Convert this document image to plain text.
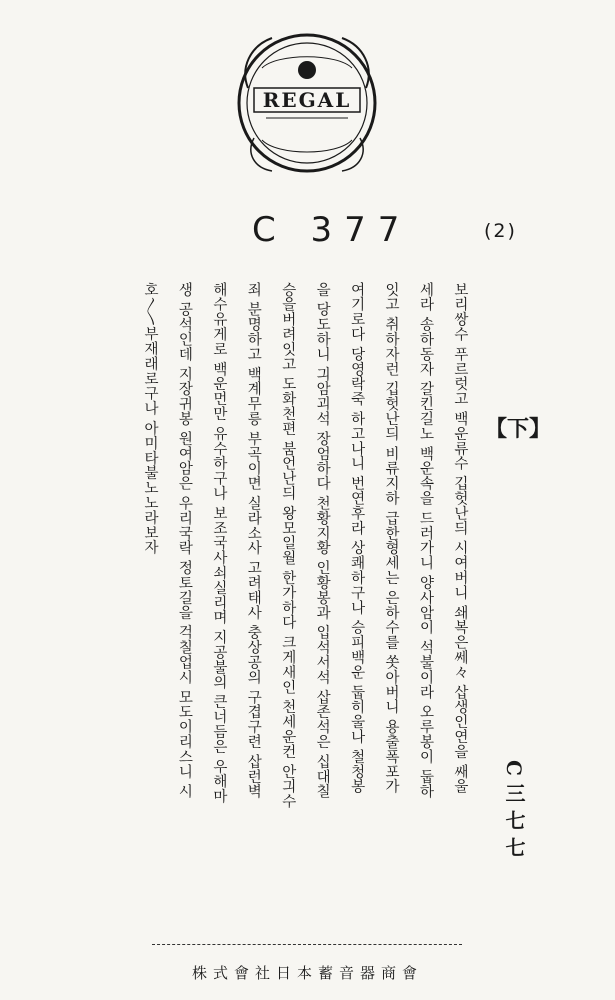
REGAL
C 377	(2)
【下】
C三七七
보리쌍수 푸르럿고 백운류수 깁헛난듸 시여버니 쇄복은쎄々 삽생인연을 쌔울
세라 송하동자 갈킨길노 백운속을 드러가니 양사암이 석불이라 오루봉이 둡하
잇고 취하자런 깁헛난듸 비류지하 급한형세는 은하수를 쏫아버니 용출폭포가
여기로다 당영락죽 하고나니 번연후라 상쾌하구나 승피백운 둡히울나 철청봉
을 당도하니 긔암괴석 장엄하다 천황지황 인황봉과 입석서석 삽존석은 십대칠
승을버려잇고 도화천편 붐언난듸 왕모일월 한가하다 크게새인 천세운컨 안긔수
죄 분명하고 백계무릉 부곡이면 실라소사 고려태사 충상공의 구겹구련 삽런벽
해수유게로 백운먼만 유수하구나 보조국사쇠실리며 지공불의 큰너듬은 우해마
생 공석인데 지장귀봉 원여암은 우리국락 정토길을 걱칠업시 모도이리스니 시
호〳〵부재래로구나 아미타불노노라보자
株式會社日本蓄音器商會
